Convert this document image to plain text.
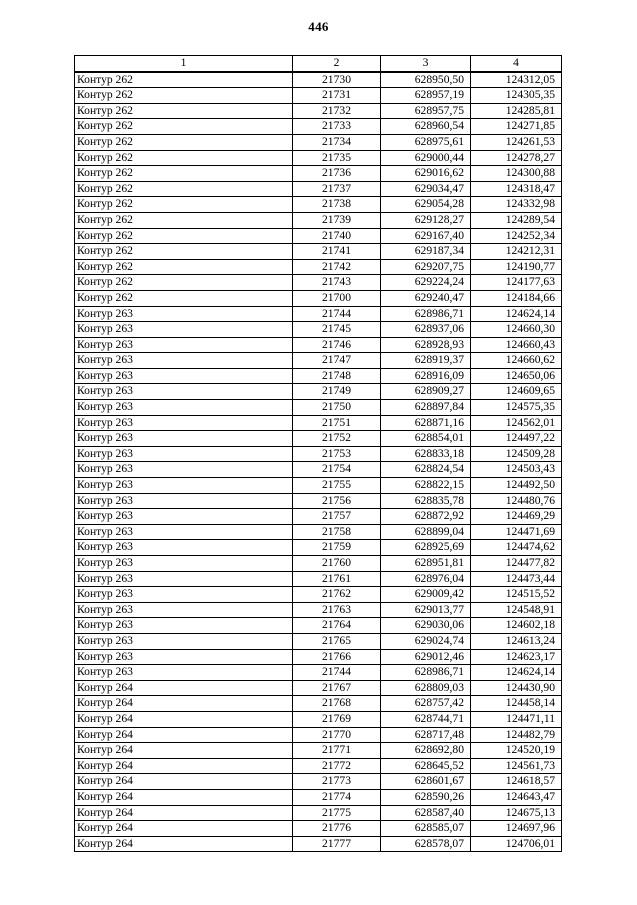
446
1	2	3	4
Контур 262	21730	628950,50	124312,05
Контур 262	21731	628957,19	124305,35
Контур 262	21732	628957,75	124285,81
Контур 262	21733	628960,54	124271,85
Контур 262	21734	628975,61	124261,53
Контур 262	21735	629000,44	124278,27
Контур 262	21736	629016,62	124300,88
Контур 262	21737	629034,47	124318,47
Контур 262	21738	629054,28	124332,98
Контур 262	21739	629128,27	124289,54
Контур 262	21740	629167,40	124252,34
Контур 262	21741	629187,34	124212,31
Контур 262	21742	629207,75	124190,77
Контур 262	21743	629224,24	124177,63
Контур 262	21700	629240,47	124184,66
Контур 263	21744	628986,71	124624,14
Контур 263	21745	628937,06	124660,30
Контур 263	21746	628928,93	124660,43
Контур 263	21747	628919,37	124660,62
Контур 263	21748	628916,09	124650,06
Контур 263	21749	628909,27	124609,65
Контур 263	21750	628897,84	124575,35
Контур 263	21751	628871,16	124562,01
Контур 263	21752	628854,01	124497,22
Контур 263	21753	628833,18	124509,28
Контур 263	21754	628824,54	124503,43
Контур 263	21755	628822,15	124492,50
Контур 263	21756	628835,78	124480,76
Контур 263	21757	628872,92	124469,29
Контур 263	21758	628899,04	124471,69
Контур 263	21759	628925,69	124474,62
Контур 263	21760	628951,81	124477,82
Контур 263	21761	628976,04	124473,44
Контур 263	21762	629009,42	124515,52
Контур 263	21763	629013,77	124548,91
Контур 263	21764	629030,06	124602,18
Контур 263	21765	629024,74	124613,24
Контур 263	21766	629012,46	124623,17
Контур 263	21744	628986,71	124624,14
Контур 264	21767	628809,03	124430,90
Контур 264	21768	628757,42	124458,14
Контур 264	21769	628744,71	124471,11
Контур 264	21770	628717,48	124482,79
Контур 264	21771	628692,80	124520,19
Контур 264	21772	628645,52	124561,73
Контур 264	21773	628601,67	124618,57
Контур 264	21774	628590,26	124643,47
Контур 264	21775	628587,40	124675,13
Контур 264	21776	628585,07	124697,96
Контур 264	21777	628578,07	124706,01
